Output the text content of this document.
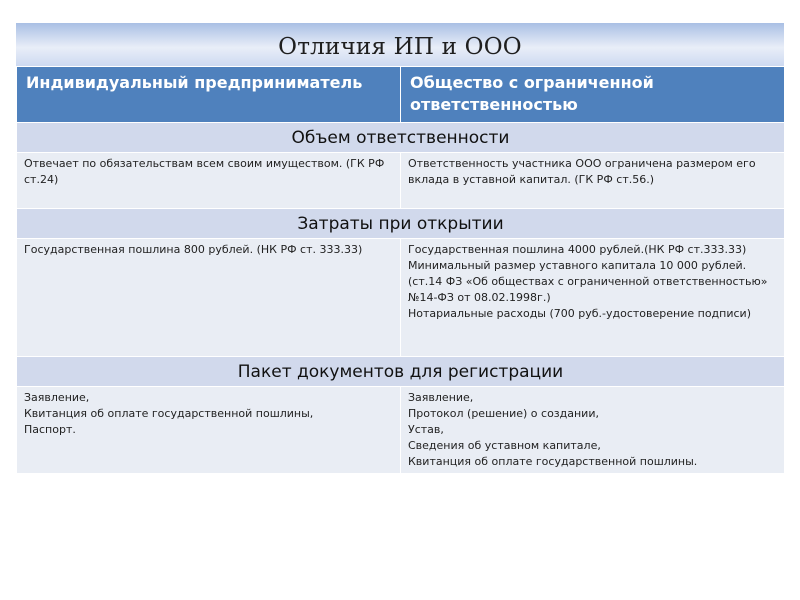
Отличия ИП и ООО
Индивидуальный предприниматель	Общество с ограниченной ответственностью
Объем ответственности	
Отвечает по обязательствам всем своим имуществом. (ГК РФ ст.24)	Ответственность участника ООО ограничена размером его вклада в уставной капитал. (ГК РФ ст.56.)
Затраты при открытии	
Государственная пошлина 800 рублей. (НК РФ ст. 333.33)	Государственная пошлина 4000 рублей.(НК РФ ст.333.33)
Минимальный размер уставного капитала 10 000 рублей. (ст.14 ФЗ «Об обществах с ограниченной ответственностью» №14-ФЗ от 08.02.1998г.)
Нотариальные расходы (700 руб.-удостоверение подписи)
Пакет документов для регистрации	
Заявление,
Квитанция об оплате государственной пошлины,
Паспорт.	Заявление,
Протокол (решение) о создании,
Устав,
Сведения об уставном капитале,
Квитанция об оплате государственной пошлины.
